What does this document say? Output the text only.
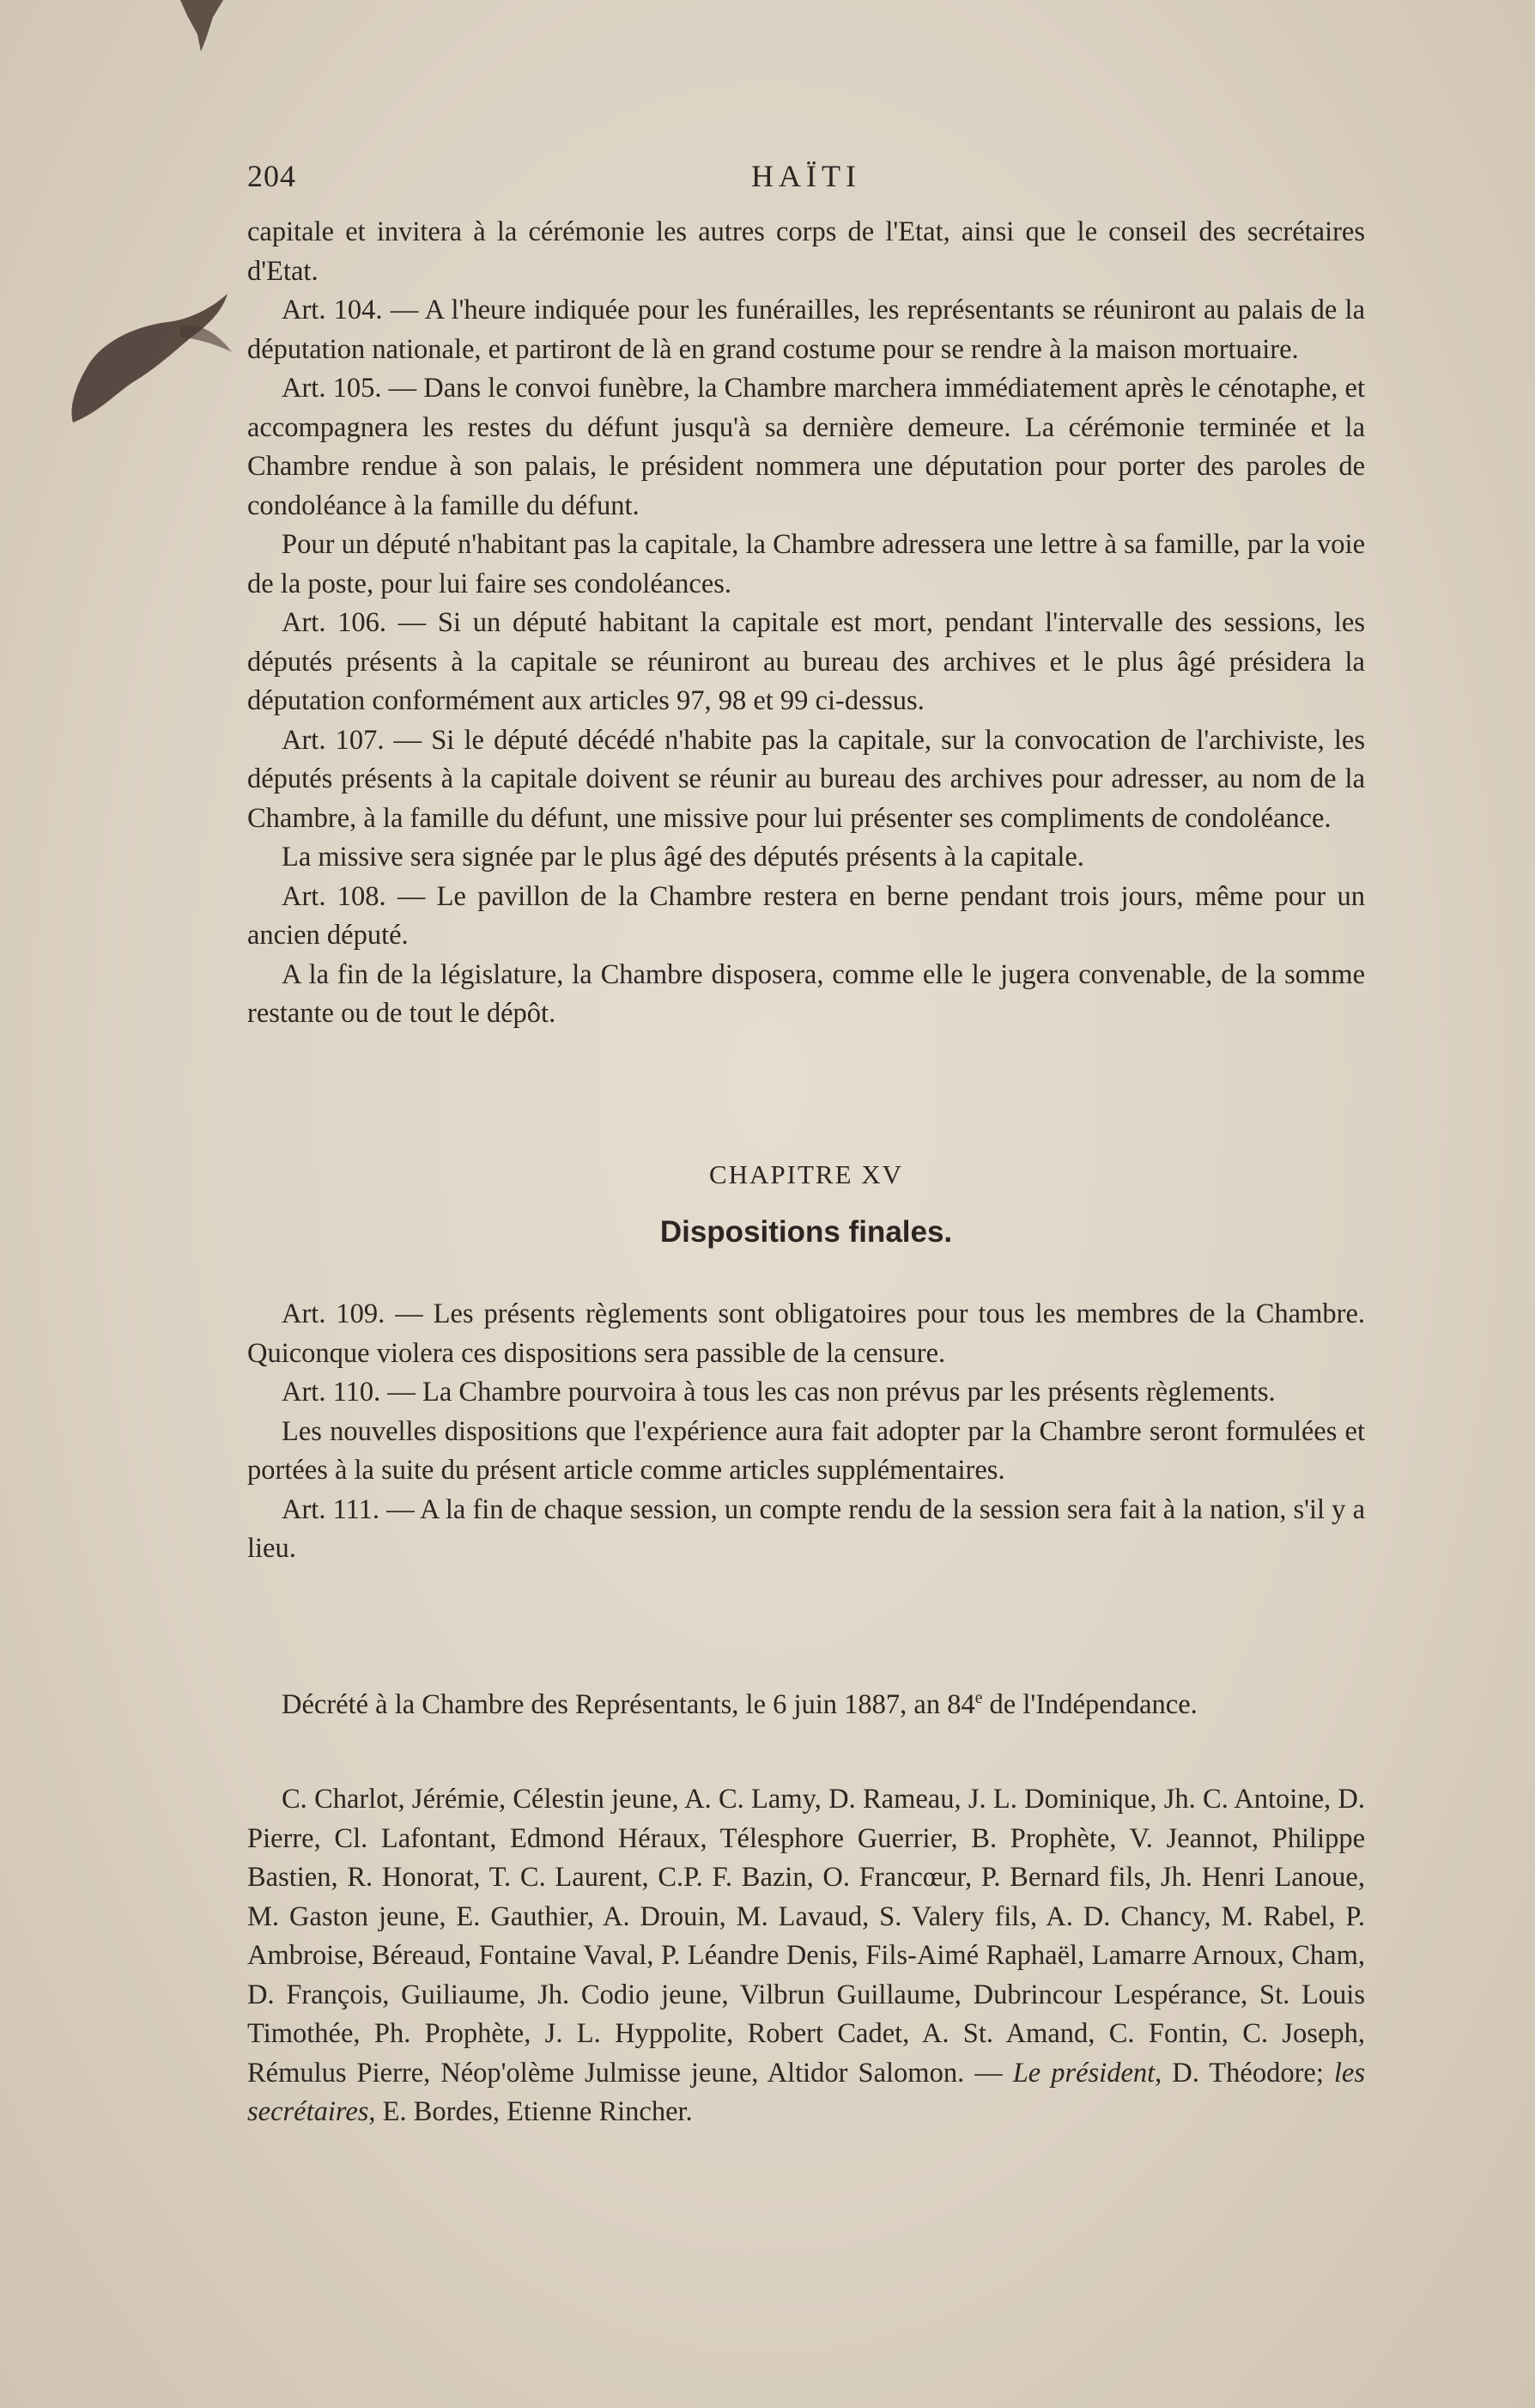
204	HAÏTI

capitale et invitera à la cérémonie les autres corps de l'Etat, ainsi que le conseil des secrétaires d'Etat.

Art. 104. — A l'heure indiquée pour les funérailles, les représentants se réuniront au palais de la députation nationale, et partiront de là en grand costume pour se rendre à la maison mortuaire.

Art. 105. — Dans le convoi funèbre, la Chambre marchera immédiatement après le cénotaphe, et accompagnera les restes du défunt jusqu'à sa dernière demeure. La cérémonie terminée et la Chambre rendue à son palais, le président nommera une députation pour porter des paroles de condoléance à la famille du défunt.

Pour un député n'habitant pas la capitale, la Chambre adressera une lettre à sa famille, par la voie de la poste, pour lui faire ses condoléances.

Art. 106. — Si un député habitant la capitale est mort, pendant l'intervalle des sessions, les députés présents à la capitale se réuniront au bureau des archives et le plus âgé présidera la députation conformément aux articles 97, 98 et 99 ci-dessus.

Art. 107. — Si le député décédé n'habite pas la capitale, sur la convocation de l'archiviste, les députés présents à la capitale doivent se réunir au bureau des archives pour adresser, au nom de la Chambre, à la famille du défunt, une missive pour lui présenter ses compliments de condoléance.

La missive sera signée par le plus âgé des députés présents à la capitale.

Art. 108. — Le pavillon de la Chambre restera en berne pendant trois jours, même pour un ancien député.

A la fin de la législature, la Chambre disposera, comme elle le jugera convenable, de la somme restante ou de tout le dépôt.

CHAPITRE XV
Dispositions finales.

Art. 109. — Les présents règlements sont obligatoires pour tous les membres de la Chambre. Quiconque violera ces dispositions sera passible de la censure.

Art. 110. — La Chambre pourvoira à tous les cas non prévus par les présents règlements.

Les nouvelles dispositions que l'expérience aura fait adopter par la Chambre seront formulées et portées à la suite du présent article comme articles supplémentaires.

Art. 111. — A la fin de chaque session, un compte rendu de la session sera fait à la nation, s'il y a lieu.

Décrété à la Chambre des Représentants, le 6 juin 1887, an 84e de l'Indépendance.

C. Charlot, Jérémie, Célestin jeune, A. C. Lamy, D. Rameau, J. L. Dominique, Jh. C. Antoine, D. Pierre, Cl. Lafontant, Edmond Héraux, Télesphore Guerrier, B. Prophète, V. Jeannot, Philippe Bastien, R. Honorat, T. C. Laurent, C.P. F. Bazin, O. Francœur, P. Bernard fils, Jh. Henri Lanoue, M. Gaston jeune, E. Gauthier, A. Drouin, M. Lavaud, S. Valery fils, A. D. Chancy, M. Rabel, P. Ambroise, Béreaud, Fontaine Vaval, P. Léandre Denis, Fils-Aimé Raphaël, Lamarre Arnoux, Cham, D. François, Guiliaume, Jh. Codio jeune, Vilbrun Guillaume, Dubrincour Lespérance, St. Louis Timothée, Ph. Prophète, J. L. Hyppolite, Robert Cadet, A. St. Amand, C. Fontin, C. Joseph, Rémulus Pierre, Néop'olème Julmisse jeune, Altidor Salomon. — Le président, D. Théodore; les secrétaires, E. Bordes, Etienne Rincher.
